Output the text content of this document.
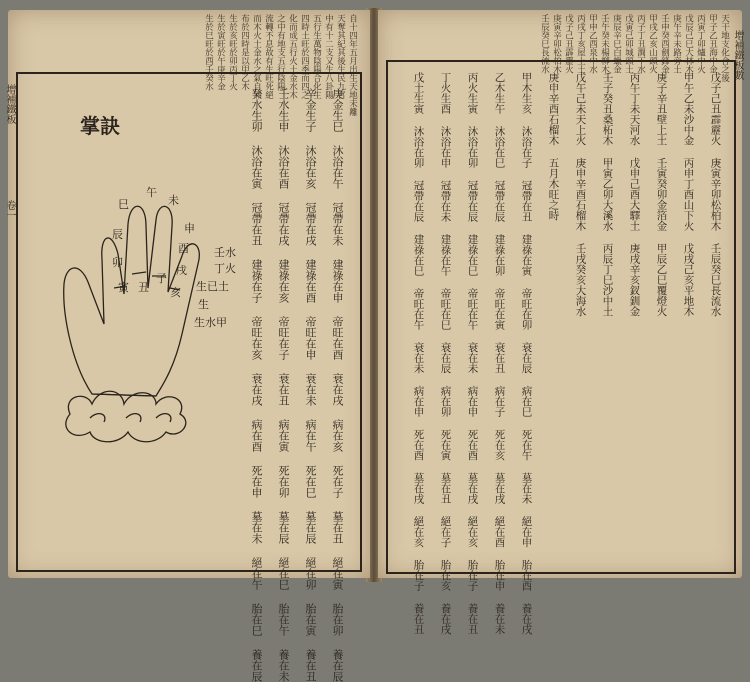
自十四年五月出生天地未離
天奪其紀其後生民九宮
中有十二支又生八卦陽
五行生萬物陰陽合化生
四時土旺於四季而四之
化而成五行火土金水木
之中有地支五行陰陽
流轉不息故有生旺死絕
而木火土金水之氣自然
布於四時是以甲乙木
生於亥旺於卯丙丁火
生於寅旺於午庚辛金
生於巳旺於酉壬癸水
掌訣
巳
午
未
申
辰
卯
寅 丑
子
酉
戌
亥
壬水
丁火
生已土
生
生水甲	庚金生巳 沐浴在午 冠帶在未 建祿在申 帝旺在酉 衰在戌 病在亥 死在子 墓在丑 絕在寅 胎在卯 養在辰
辛金生子 沐浴在亥 冠帶在戌 建祿在酉 帝旺在申 衰在未 病在午 死在巳 墓在辰 絕在卯 胎在寅 養在丑
壬水生申 沐浴在酉 冠帶在戌 建祿在亥 帝旺在子 衰在丑 病在寅 死在卯 墓在辰 絕在巳 胎在午 養在未
癸水生卯 沐浴在寅 冠帶在丑 建祿在子 帝旺在亥 衰在戌 病在酉 死在申 墓在未 絕在午 胎在巳 養在辰
增補鐵板
卷一
天干地支化合之後
甲子乙丑海中金
丙寅丁卯爐中火
戊辰己巳大林木
庚午辛未路旁土
壬申癸酉劍鋒金
甲戌乙亥山頭火
丙子丁丑澗下水
戊寅己卯城頭土
庚辰辛巳白蠟金
壬午癸未楊柳木
甲申乙酉泉中水
丙戌丁亥屋上土
戊子己丑霹靂火
庚寅辛卯松柏木
壬辰癸巳長流水
戊子己丑霹靂火 庚寅辛卯松柏木 壬辰癸巳長流水
甲午乙未沙中金 丙申丁酉山下火 戊戌己亥平地木
庚子辛丑壁上土 壬寅癸卯金箔金 甲辰乙巳覆燈火
丙午丁未天河水 戊申己酉大驛土 庚戌辛亥釵釧金
壬子癸丑桑柘木 甲寅乙卯大溪水 丙辰丁巳沙中土
戊午己未天上火 庚申辛酉石榴木 壬戌癸亥大海水
庚申辛酉石榴木 五月木旺之時
甲木生亥 沐浴在子 冠帶在丑 建祿在寅 帝旺在卯 衰在辰 病在巳 死在午 墓在未 絕在申 胎在酉 養在戌
乙木生午 沐浴在巳 冠帶在辰 建祿在卯 帝旺在寅 衰在丑 病在子 死在亥 墓在戌 絕在酉 胎在申 養在未
丙火生寅 沐浴在卯 冠帶在辰 建祿在巳 帝旺在午 衰在未 病在申 死在酉 墓在戌 絕在亥 胎在子 養在丑
丁火生酉 沐浴在申 冠帶在未 建祿在午 帝旺在巳 衰在辰 病在卯 死在寅 墓在丑 絕在子 胎在亥 養在戌
戊土生寅 沐浴在卯 冠帶在辰 建祿在巳 帝旺在午 衰在未 病在申 死在酉 墓在戌 絕在亥 胎在子 養在丑
增補鐵板數
